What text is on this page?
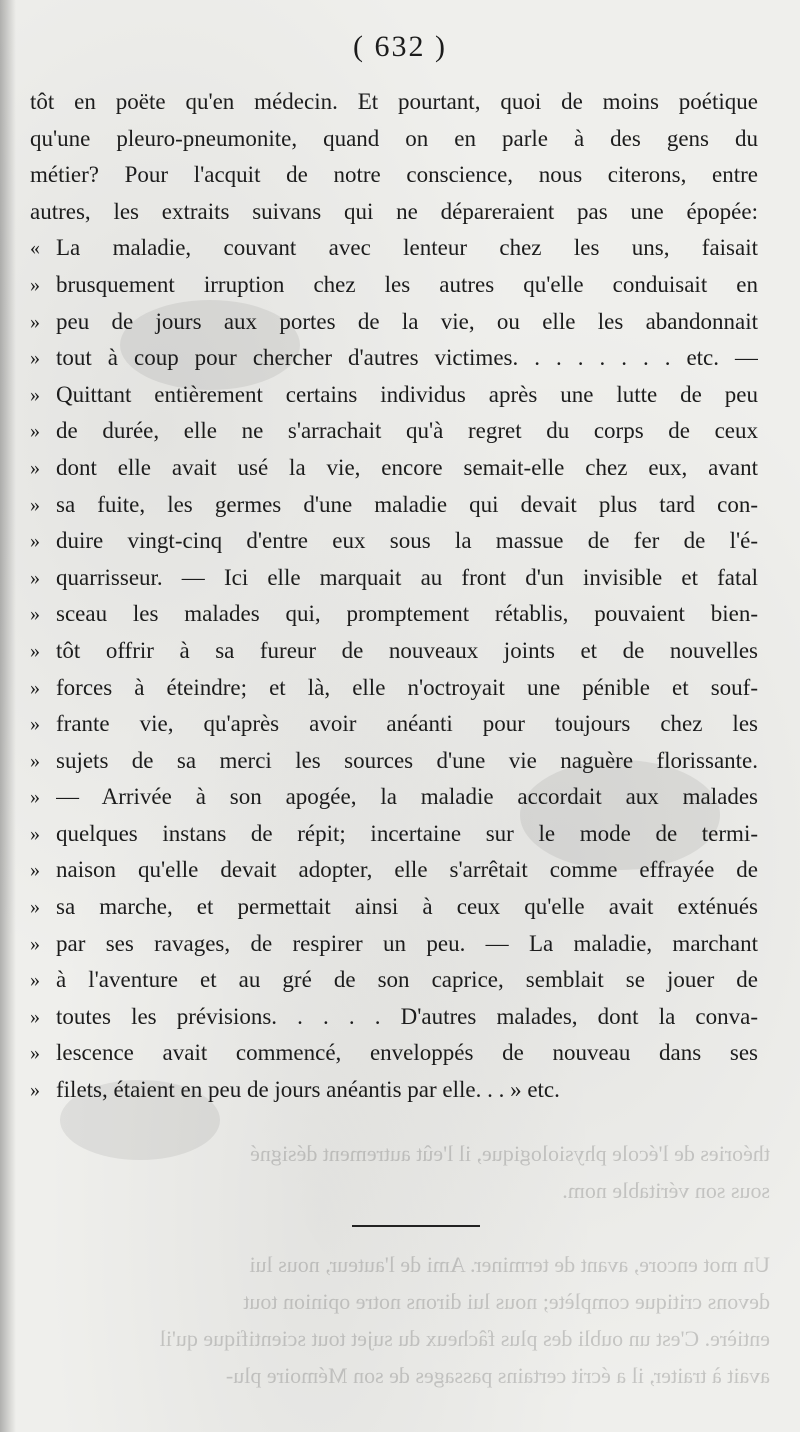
théories de l'école physiologique, il l'eût autrement désigné
sous son véritable nom.

Un mot encore, avant de terminer. Ami de l'auteur, nous lui
devons critique complète; nous lui dirons notre opinion tout
entière. C'est un oubli des plus fâcheux du sujet tout scientifique qu'il
avait à traiter, il a écrit certains passages de son Mémoire plu-
( 632 )
tôt en poëte qu'en médecin. Et pourtant, quoi de moins poétique
qu'une pleuro-pneumonite, quand on en parle à des gens du
métier? Pour l'acquit de notre conscience, nous citerons, entre
autres, les extraits suivans qui ne dépareraient pas une épopée:
« La maladie, couvant avec lenteur chez les uns, faisait
» brusquement irruption chez les autres qu'elle conduisait en
» peu de jours aux portes de la vie, ou elle les abandonnait
» tout à coup pour chercher d'autres victimes. . . . . . . . etc. —
» Quittant entièrement certains individus après une lutte de peu
» de durée, elle ne s'arrachait qu'à regret du corps de ceux
» dont elle avait usé la vie, encore semait-elle chez eux, avant
» sa fuite, les germes d'une maladie qui devait plus tard con-
» duire vingt-cinq d'entre eux sous la massue de fer de l'é-
» quarrisseur. — Ici elle marquait au front d'un invisible et fatal
» sceau les malades qui, promptement rétablis, pouvaient bien-
» tôt offrir à sa fureur de nouveaux joints et de nouvelles
» forces à éteindre; et là, elle n'octroyait une pénible et souf-
» frante vie, qu'après avoir anéanti pour toujours chez les
» sujets de sa merci les sources d'une vie naguère florissante.
» — Arrivée à son apogée, la maladie accordait aux malades
» quelques instans de répit; incertaine sur le mode de termi-
» naison qu'elle devait adopter, elle s'arrêtait comme effrayée de
» sa marche, et permettait ainsi à ceux qu'elle avait exténués
» par ses ravages, de respirer un peu. — La maladie, marchant
» à l'aventure et au gré de son caprice, semblait se jouer de
» toutes les prévisions. . . . . D'autres malades, dont la conva-
» lescence avait commencé, enveloppés de nouveau dans ses
» filets, étaient en peu de jours anéantis par elle. . . » etc.
